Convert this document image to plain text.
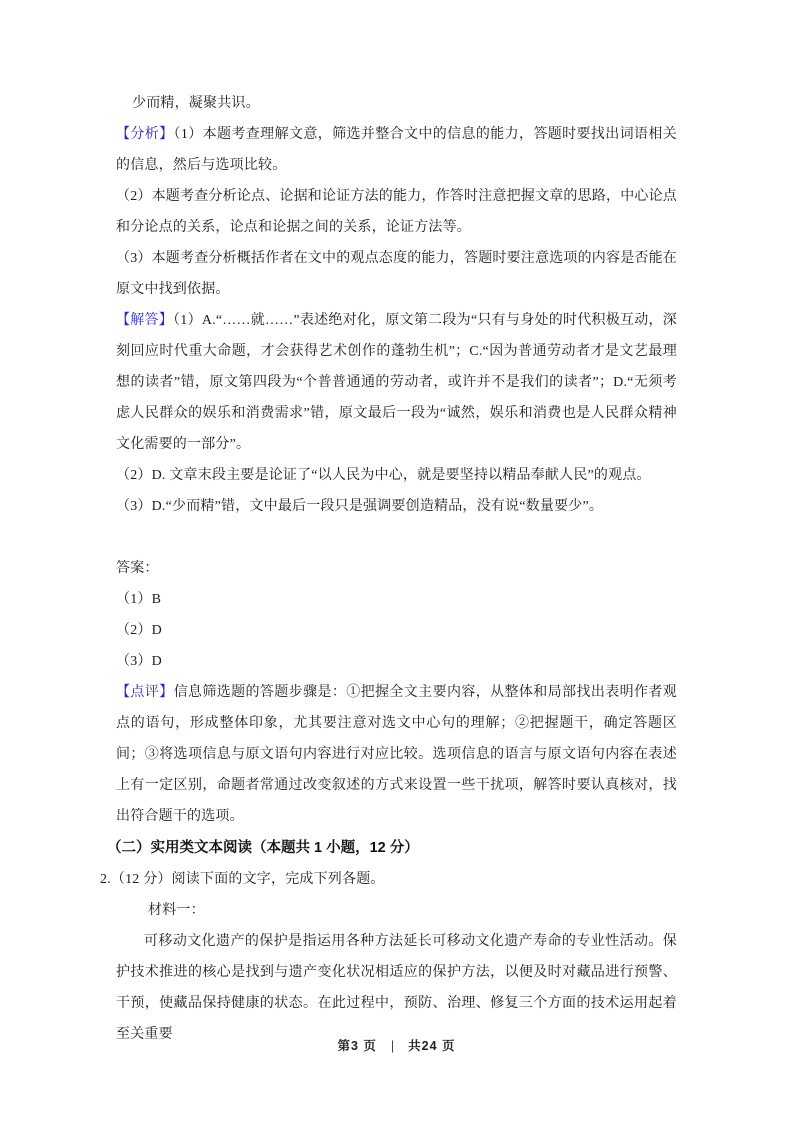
少而精，凝聚共识。

【分析】（1）本题考查理解文意，筛选并整合文中的信息的能力，答题时要找出词语相关的信息，然后与选项比较。

（2）本题考查分析论点、论据和论证方法的能力，作答时注意把握文章的思路，中心论点和分论点的关系，论点和论据之间的关系，论证方法等。

（3）本题考查分析概括作者在文中的观点态度的能力，答题时要注意选项的内容是否能在原文中找到依据。

【解答】（1）A.“……就……”表述绝对化，原文第二段为“只有与身处的时代积极互动，深刻回应时代重大命题，才会获得艺术创作的蓬勃生机”；C.“因为普通劳动者才是文艺最理想的读者”错，原文第四段为“个普普通通的劳动者，或许并不是我们的读者”；D.“无须考虑人民群众的娱乐和消费需求”错，原文最后一段为“诚然，娱乐和消费也是人民群众精神文化需要的一部分”。

（2）D. 文章末段主要是论证了“以人民为中心，就是要坚持以精品奉献人民”的观点。

（3）D.“少而精”错，文中最后一段只是强调要创造精品，没有说“数量要少”。

答案：

（1）B

（2）D

（3）D

【点评】信息筛选题的答题步骤是：①把握全文主要内容，从整体和局部找出表明作者观点的语句，形成整体印象，尤其要注意对选文中心句的理解；②把握题干，确定答题区间；③将选项信息与原文语句内容进行对应比较。选项信息的语言与原文语句内容在表述上有一定区别，命题者常通过改变叙述的方式来设置一些干扰项，解答时要认真核对，找出符合题干的选项。

（二）实用类文本阅读（本题共 1 小题，12 分）

2.（12 分）阅读下面的文字，完成下列各题。

材料一：

可移动文化遗产的保护是指运用各种方法延长可移动文化遗产寿命的专业性活动。保护技术推进的核心是找到与遗产变化状况相适应的保护方法，以便及时对藏品进行预警、干预，使藏品保持健康的状态。在此过程中，预防、治理、修复三个方面的技术运用起着至关重要

第3 页 | 共24 页
